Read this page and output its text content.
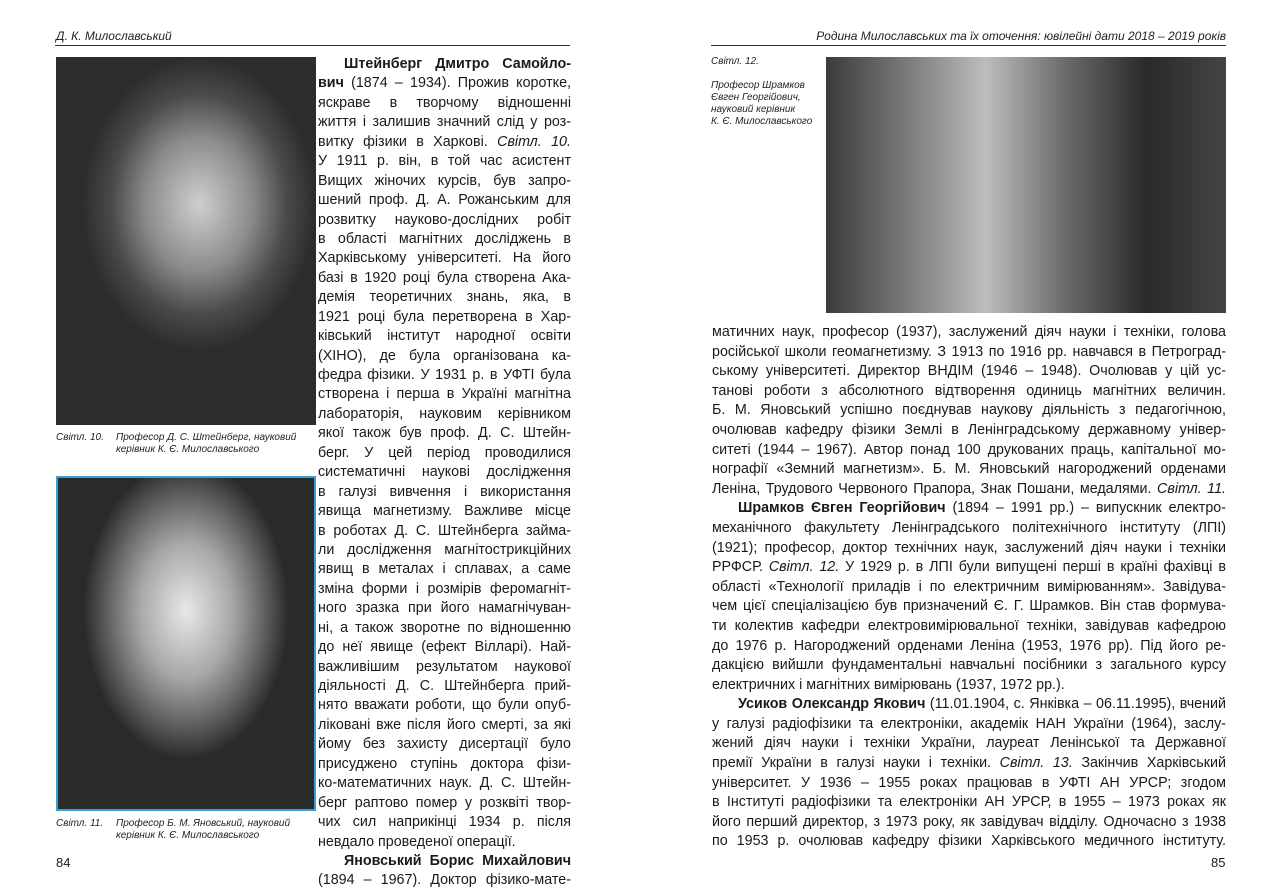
Д. К. Милославський
Світл. 10. Професор Д. С. Штейнберг, науковий

керівник К. Є. Милославського
Світл. 11. Професор Б. М. Яновський, науковий

керівник К. Є. Милославського
Штейнберг Дмитро Самойло-
вич (1874 – 1934). Прожив коротке,
яскраве в творчому відношенні
життя і залишив значний слід у роз-
витку фізики в Харкові. Світл. 10.
У 1911 р. він, в той час асистент
Вищих жіночих курсів, був запро-
шений проф. Д. А. Рожанським для
розвитку науково-дослідних робіт
в області магнітних досліджень в
Харківському університеті. На його
базі в 1920 році була створена Ака-
демія теоретичних знань, яка, в
1921 році була перетворена в Хар-
ківський інститут народної освіти
(ХІНО), де була організована ка-
федра фізики. У 1931 р. в УФТІ була
створена і перша в Україні магнітна
лабораторія, науковим керівником
якої також був проф. Д. С. Штейн-
берг. У цей період проводилися
систематичні наукові дослідження
в галузі вивчення і використання
явища магнетизму. Важливе місце
в роботах Д. С. Штейнберга займа-
ли дослідження магнітострикційних
явищ в металах і сплавах, а саме
зміна форми і розмірів феромагніт-
ного зразка при його намагнічуван-
ні, а також зворотне по відношенню
до неї явище (ефект Вілларі). Най-
важливішим результатом наукової
діяльності Д. С. Штейнберга прий-
нято вважати роботи, що були опуб-
ліковані вже після його смерті, за які
йому без захисту дисертації було
присуджено ступінь доктора фізи-
ко-математичних наук. Д. С. Штейн-
берг раптово помер у розквіті твор-
чих сил наприкінці 1934 р. після
невдало проведеної операції.
Яновський Борис Михайлович
(1894 – 1967). Доктор фізико-мате-
84
Родина Милославських та їх оточення: ювілейні дати 2018 – 2019 років
Світл. 12.
Професор Шрамков
Євген Георгійович,
науковий керівник
К. Є. Милославського
матичних наук, професор (1937), заслужений діяч науки і техніки, голова
російської школи геомагнетизму. З 1913 по 1916 рр. навчався в Петроград-
ському університеті. Директор ВНДІМ (1946 – 1948). Очолював у цій ус-
танові роботи з абсолютного відтворення одиниць магнітних величин.
Б. М. Яновський успішно поєднував наукову діяльність з педагогічною,
очолював кафедру фізики Землі в Ленінградському державному універ-
ситеті (1944 – 1967). Автор понад 100 друкованих праць, капітальної мо-
нографії «Земний магнетизм». Б. М. Яновський нагороджений орденами
Леніна, Трудового Червоного Прапора, Знак Пошани, медалями. Світл. 11.
Шрамков Євген Георгійович (1894 – 1991 рр.) – випускник електро-
механічного факультету Ленінградського політехнічного інституту (ЛПІ)
(1921); професор, доктор технічних наук, заслужений діяч науки і техніки
РРФСР. Світл. 12. У 1929 р. в ЛПІ були випущені перші в країні фахівці в
області «Технології приладів і по електричним вимірюванням». Завідува-
чем цієї спеціалізацією був призначений Є. Г. Шрамков. Він став формува-
ти колектив кафедри електровимірювальної техніки, завідував кафедрою
до 1976 р. Нагороджений орденами Леніна (1953, 1976 рр). Під його ре-
дакцією вийшли фундаментальні навчальні посібники з загального курсу
електричних і магнітних вимірювань (1937, 1972 рр.).
Усиков Олександр Якович (11.01.1904, с. Янківка – 06.11.1995), вчений
у галузі радіофізики та електроніки, академік НАН України (1964), заслу-
жений діяч науки і техніки України, лауреат Ленінської та Державної
премії України в галузі науки і техніки. Світл. 13. Закінчив Харківський
університет. У 1936 – 1955 роках працював в УФТІ АН УРСР; згодом
в Інституті радіофізики та електроніки АН УРСР, в 1955 – 1973 роках як
його перший директор, з 1973 року, як завідувач відділу. Одночасно з 1938
по 1953 р. очолював кафедру фізики Харківського медичного інституту.
85
